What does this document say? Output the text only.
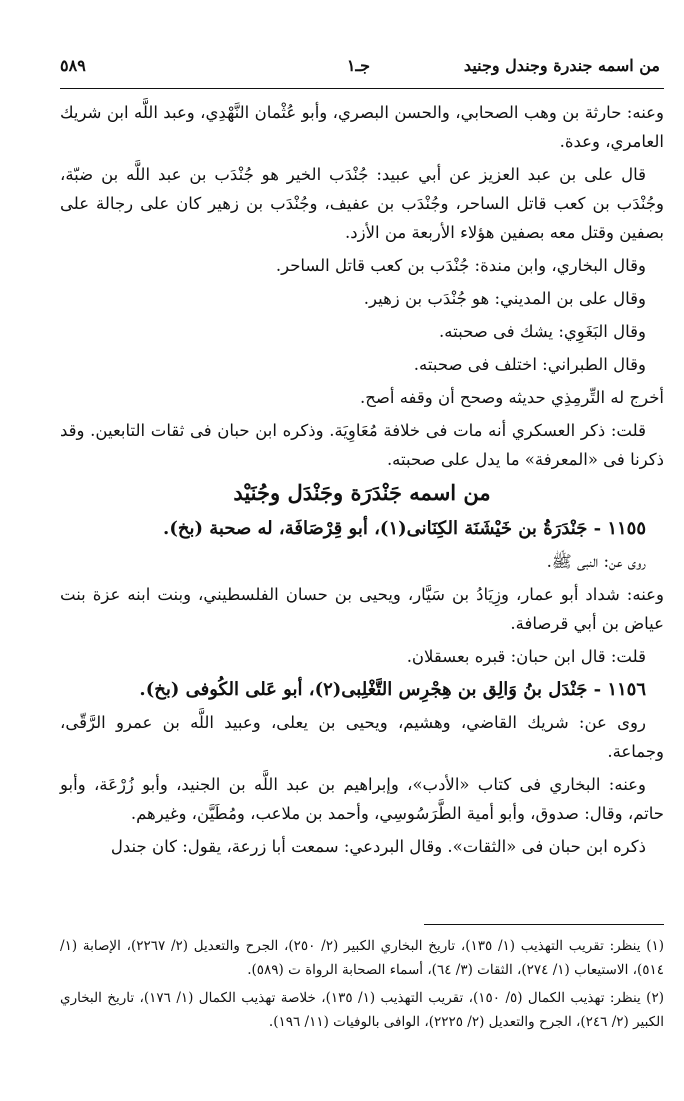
من اسمه جندرة وجندل وجنيد
جـ١
٥٨٩

وعنه: حارثة بن وهب الصحابي، والحسن البصري، وأبو عُثْمان النَّهْدِي، وعبد اللَّه ابن شريك العامري، وعدة.

قال على بن عبد العزيز عن أبي عبيد: جُنْدَب الخير هو جُنْدَب بن عبد اللَّه بن ضبّة، وجُنْدَب بن كعب قاتل الساحر، وجُنْدَب بن عفيف، وجُنْدَب بن زهير كان على رجالة على بصفين وقتل معه بصفين هؤلاء الأربعة من الأزد.

وقال البخاري، وابن مندة: جُنْدَب بن كعب قاتل الساحر.

وقال على بن المديني: هو جُنْدَب بن زهير.

وقال البَغَوِي: يشك فى صحبته.

وقال الطبراني: اختلف فى صحبته.

أخرج له التِّرمِذِي حديثه وصحح أن وقفه أصح.

قلت: ذكر العسكري أنه مات فى خلافة مُعَاوِيَة. وذكره ابن حبان فى ثقات التابعين. وقد ذكرنا فى «المعرفة» ما يدل على صحبته.

من اسمه جَنْدَرَة وجَنْدَل وجُنَيْد
١١٥٥ - جَنْدَرَةُ بن خَيْشَنَة الكِنَانى(١)، أبو قِرْصَافَة، له صحبة (بخ).

روى عن: النبى ﷺ.

وعنه: شداد أبو عمار، وزِيَادُ بن سَيَّار، ويحيى بن حسان الفلسطيني، وبنت ابنه عزة بنت عياض بن أبي قرصافة.

قلت: قال ابن حبان: قبره بعسقلان.

١١٥٦ - جَنْدَل بنُ وَالِق بن هِجْرِس التَّغْلِبى(٢)، أبو عَلى الكُوفى (بخ).

روى عن: شريك القاضي، وهشيم، ويحيى بن يعلى، وعبيد اللَّه بن عمرو الرَّقّى، وجماعة.

وعنه: البخاري فى كتاب «الأدب»، وإبراهيم بن عبد اللَّه بن الجنيد، وأبو زُرْعَة، وأبو حاتم، وقال: صدوق، وأبو أمية الطَّرَسُوسِي، وأحمد بن ملاعب، ومُطَيَّن، وغيرهم.

ذكره ابن حبان فى «الثقات». وقال البردعي: سمعت أبا زرعة، يقول: كان جندل

(١) ينظر: تقريب التهذيب (١/ ١٣٥)، تاريخ البخاري الكبير (٢/ ٢٥٠)، الجرح والتعديل (٢/ ٢٢٦٧)، الإصابة (١/ ٥١٤)، الاستيعاب (١/ ٢٧٤)، الثقات (٣/ ٦٤)، أسماء الصحابة الرواة ت (٥٨٩).

(٢) ينظر: تهذيب الكمال (٥/ ١٥٠)، تقريب التهذيب (١/ ١٣٥)، خلاصة تهذيب الكمال (١/ ١٧٦)، تاريخ البخاري الكبير (٢/ ٢٤٦)، الجرح والتعديل (٢/ ٢٢٢٥)، الوافى بالوفيات (١١/ ١٩٦).
